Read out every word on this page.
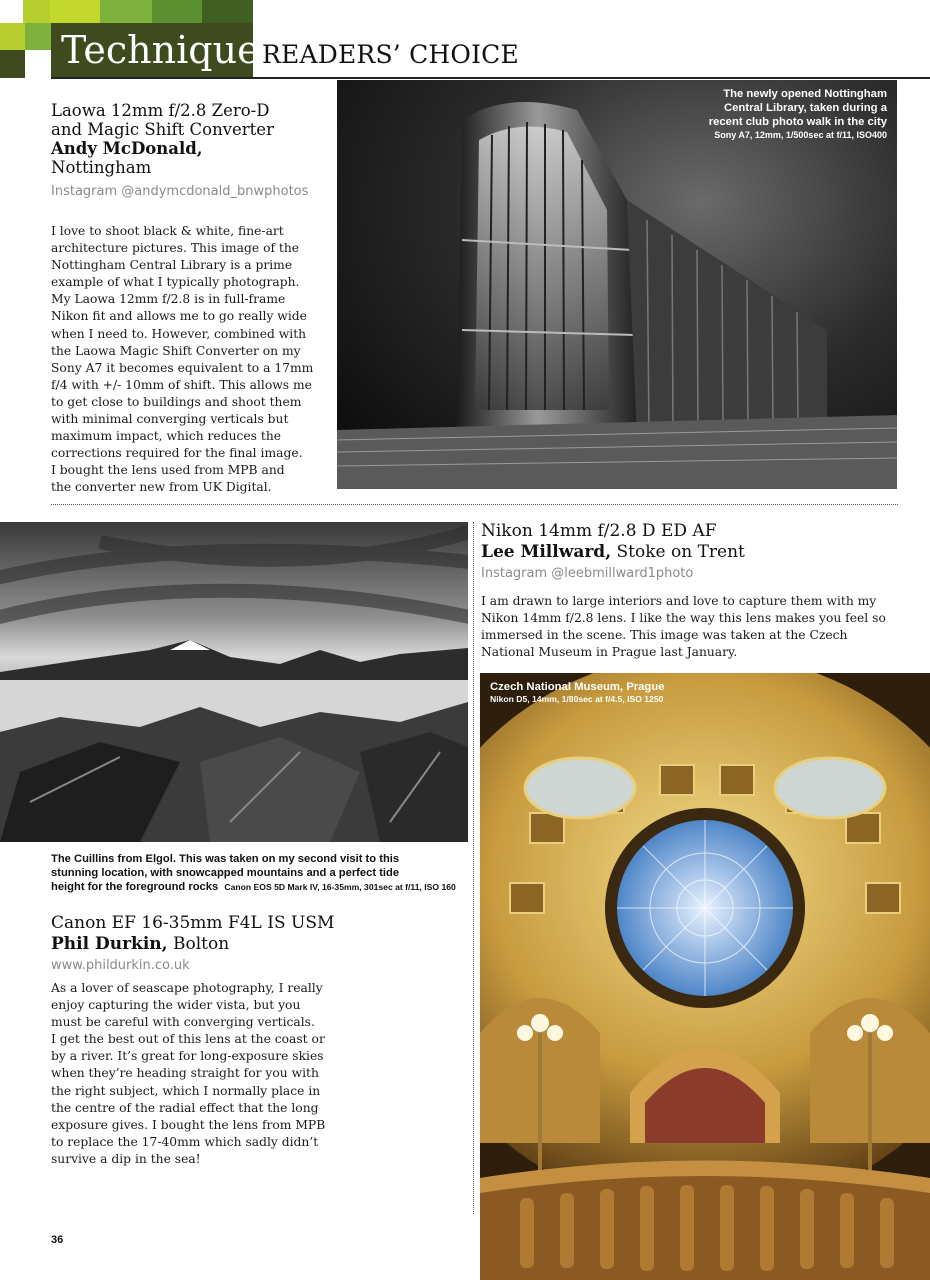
Technique READERS’ CHOICE
Laowa 12mm f/2.8 Zero-D
and Magic Shift Converter
Andy McDonald,
Nottingham
Instagram @andymcdonald_bnwphotos
I love to shoot black & white, fine-art
architecture pictures. This image of the
Nottingham Central Library is a prime
example of what I typically photograph.
My Laowa 12mm f/2.8 is in full-frame
Nikon fit and allows me to go really wide
when I need to. However, combined with
the Laowa Magic Shift Converter on my
Sony A7 it becomes equivalent to a 17mm
f/4 with +/- 10mm of shift. This allows me
to get close to buildings and shoot them
with minimal converging verticals but
maximum impact, which reduces the
corrections required for the final image.
I bought the lens used from MPB and
the converter new from UK Digital.
The newly opened Nottingham
Central Library, taken during a
recent club photo walk in the city
Sony A7, 12mm, 1/500sec at f/11, ISO400
The Cuillins from Elgol. This was taken on my second visit to this
stunning location, with snowcapped mountains and a perfect tide
height for the foreground rocks Canon EOS 5D Mark IV, 16-35mm, 301sec at f/11, ISO 160
Canon EF 16-35mm F4L IS USM
Phil Durkin, Bolton
www.phildurkin.co.uk
As a lover of seascape photography, I really
enjoy capturing the wider vista, but you
must be careful with converging verticals.
I get the best out of this lens at the coast or
by a river. It’s great for long-exposure skies
when they’re heading straight for you with
the right subject, which I normally place in
the centre of the radial effect that the long
exposure gives. I bought the lens from MPB
to replace the 17-40mm which sadly didn’t
survive a dip in the sea!
Nikon 14mm f/2.8 D ED AF
Lee Millward, Stoke on Trent
Instagram @leebmillward1photo
I am drawn to large interiors and love to capture them with my
Nikon 14mm f/2.8 lens. I like the way this lens makes you feel so
immersed in the scene. This image was taken at the Czech
National Museum in Prague last January.
Czech National Museum, Prague
Nikon D5, 14mm, 1/80sec at f/4.5, ISO 1250
36
